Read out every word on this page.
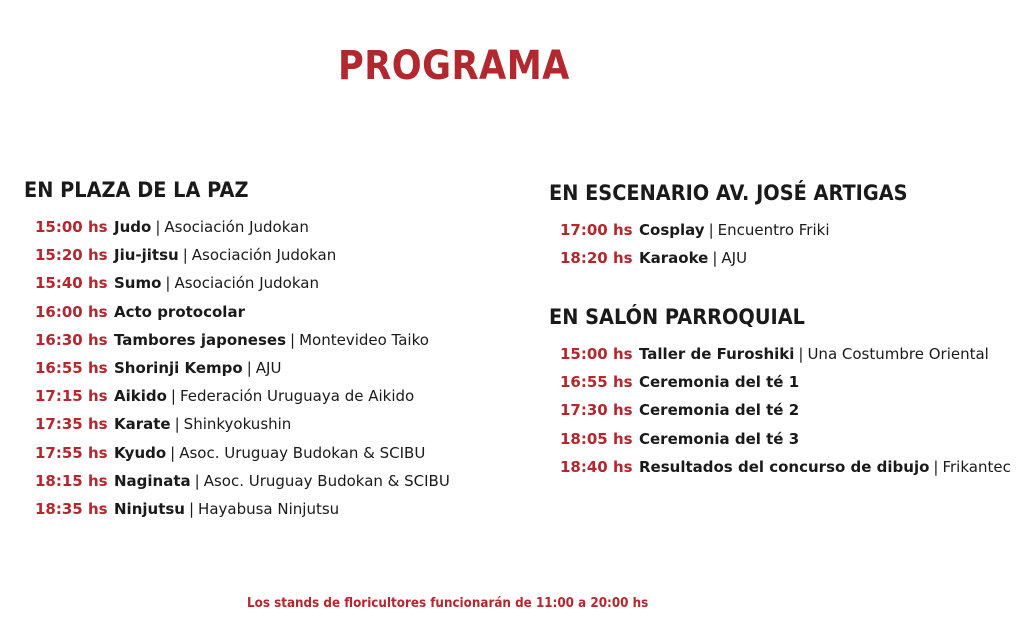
PROGRAMA
EN PLAZA DE LA PAZ
15:00 hs Judo | Asociación Judokan
15:20 hs Jiu-jitsu | Asociación Judokan
15:40 hs Sumo | Asociación Judokan
16:00 hs Acto protocolar
16:30 hs Tambores japoneses | Montevideo Taiko
16:55 hs Shorinji Kempo | AJU
17:15 hs Aikido | Federación Uruguaya de Aikido
17:35 hs Karate | Shinkyokushin
17:55 hs Kyudo | Asoc. Uruguay Budokan & SCIBU
18:15 hs Naginata | Asoc. Uruguay Budokan & SCIBU
18:35 hs Ninjutsu | Hayabusa Ninjutsu
EN ESCENARIO AV. JOSÉ ARTIGAS
17:00 hs Cosplay | Encuentro Friki
18:20 hs Karaoke | AJU
EN SALÓN PARROQUIAL
15:00 hs Taller de Furoshiki | Una Costumbre Oriental
16:55 hs Ceremonia del té 1
17:30 hs Ceremonia del té 2
18:05 hs Ceremonia del té 3
18:40 hs Resultados del concurso de dibujo | Frikantec

Los stands de floricultores funcionarán de 11:00 a 20:00 hs
